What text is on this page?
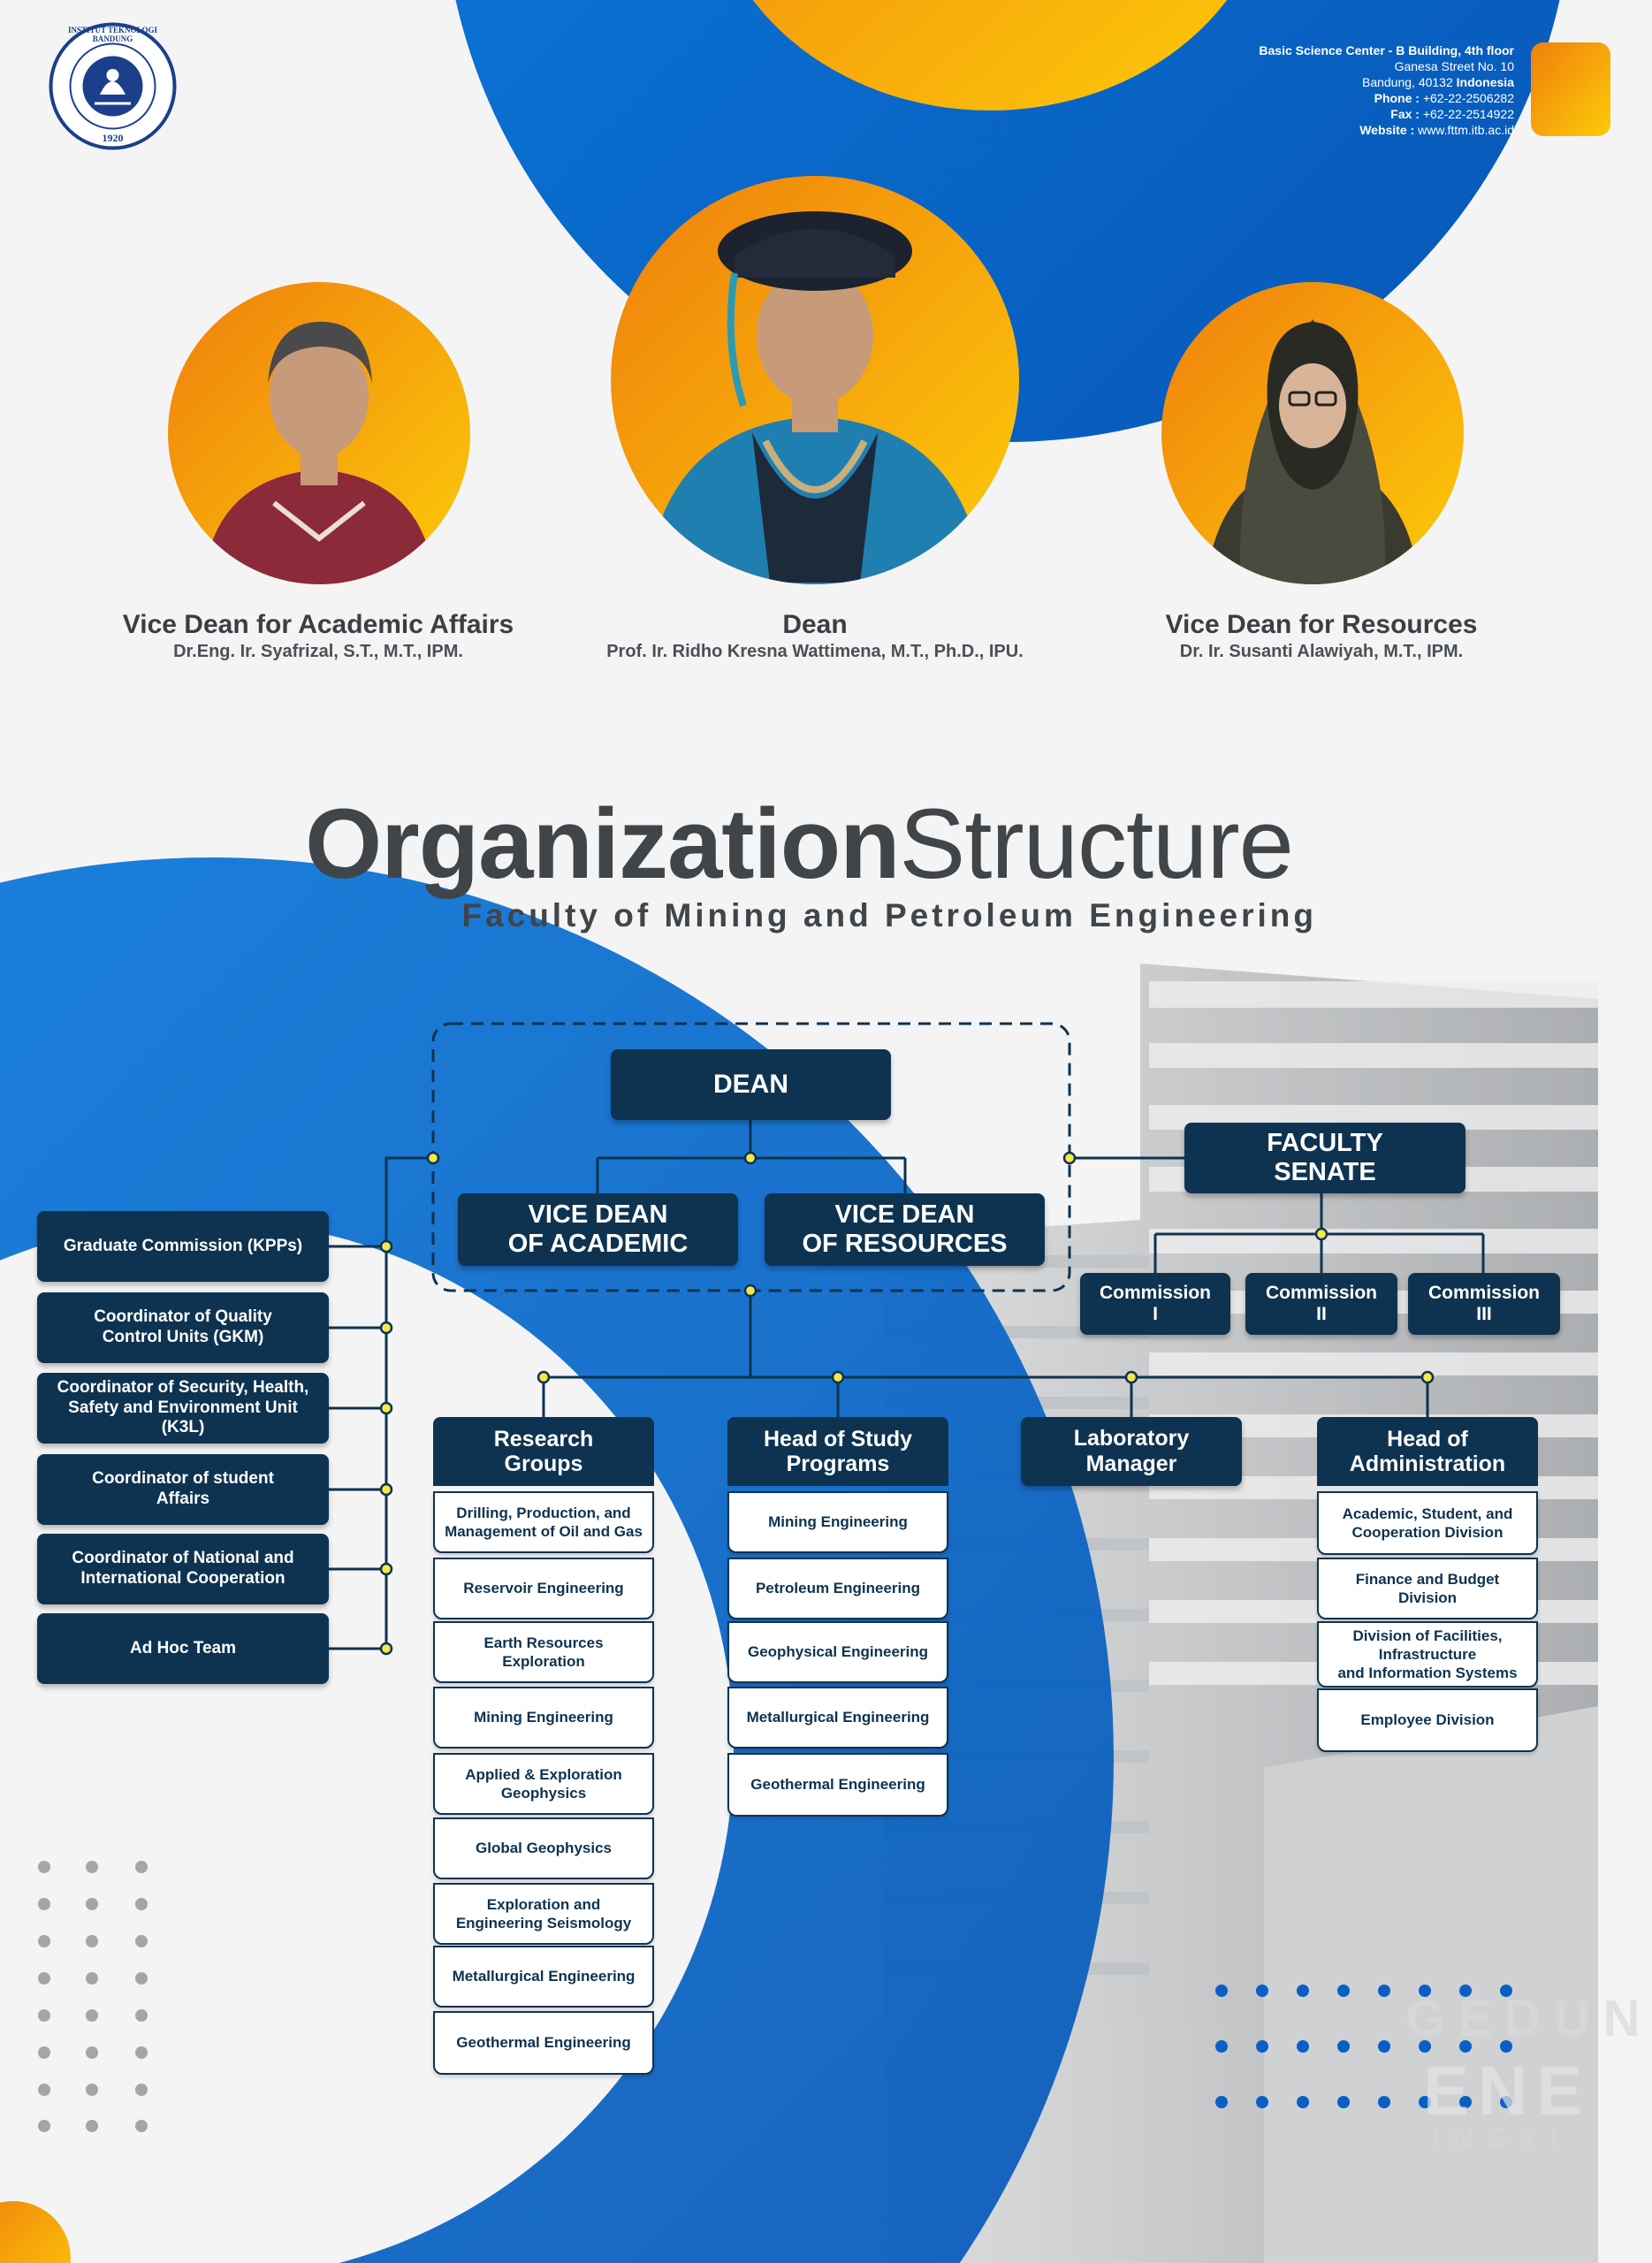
INSTITUT TEKNOLOGI BANDUNG
1920
Basic Science Center - B Building, 4th floor
Ganesa Street No. 10
Bandung, 40132 Indonesia
Phone : +62-22-2506282
Fax : +62-22-2514922
Website : www.fttm.itb.ac.id
Vice Dean for Academic Affairs
Dr.Eng. Ir. Syafrizal, S.T., M.T., IPM.
Dean
Prof. Ir. Ridho Kresna Wattimena, M.T., Ph.D., IPU.
Vice Dean for Resources
Dr. Ir. Susanti Alawiyah, M.T., IPM.
OrganizationStructure
Faculty of Mining and Petroleum Engineering
DEAN
VICE DEAN
OF ACADEMIC
VICE DEAN
OF RESOURCES
FACULTY
SENATE
Commission
I
Commission
II
Commission
III
Graduate Commission (KPPs)
Coordinator of Quality
Control Units (GKM)
Coordinator of Security, Health,
Safety and Environment Unit
(K3L)
Coordinator of student
Affairs
Coordinator of National and
International Cooperation
Ad Hoc Team
Research
Groups
Drilling, Production, and
Management of Oil and Gas
Reservoir Engineering
Earth Resources
Exploration
Mining Engineering
Applied & Exploration
Geophysics
Global Geophysics
Exploration and
Engineering Seismology
Metallurgical Engineering
Geothermal Engineering
Head of Study
Programs
Mining Engineering
Petroleum Engineering
Geophysical Engineering
Metallurgical Engineering
Geothermal Engineering
Laboratory
Manager
Head of
Administration
Academic, Student, and
Cooperation Division
Finance and Budget Division
Division of Facilities,
Infrastructure
and Information Systems
Employee Division
GEDUN
ENE
INSTI
